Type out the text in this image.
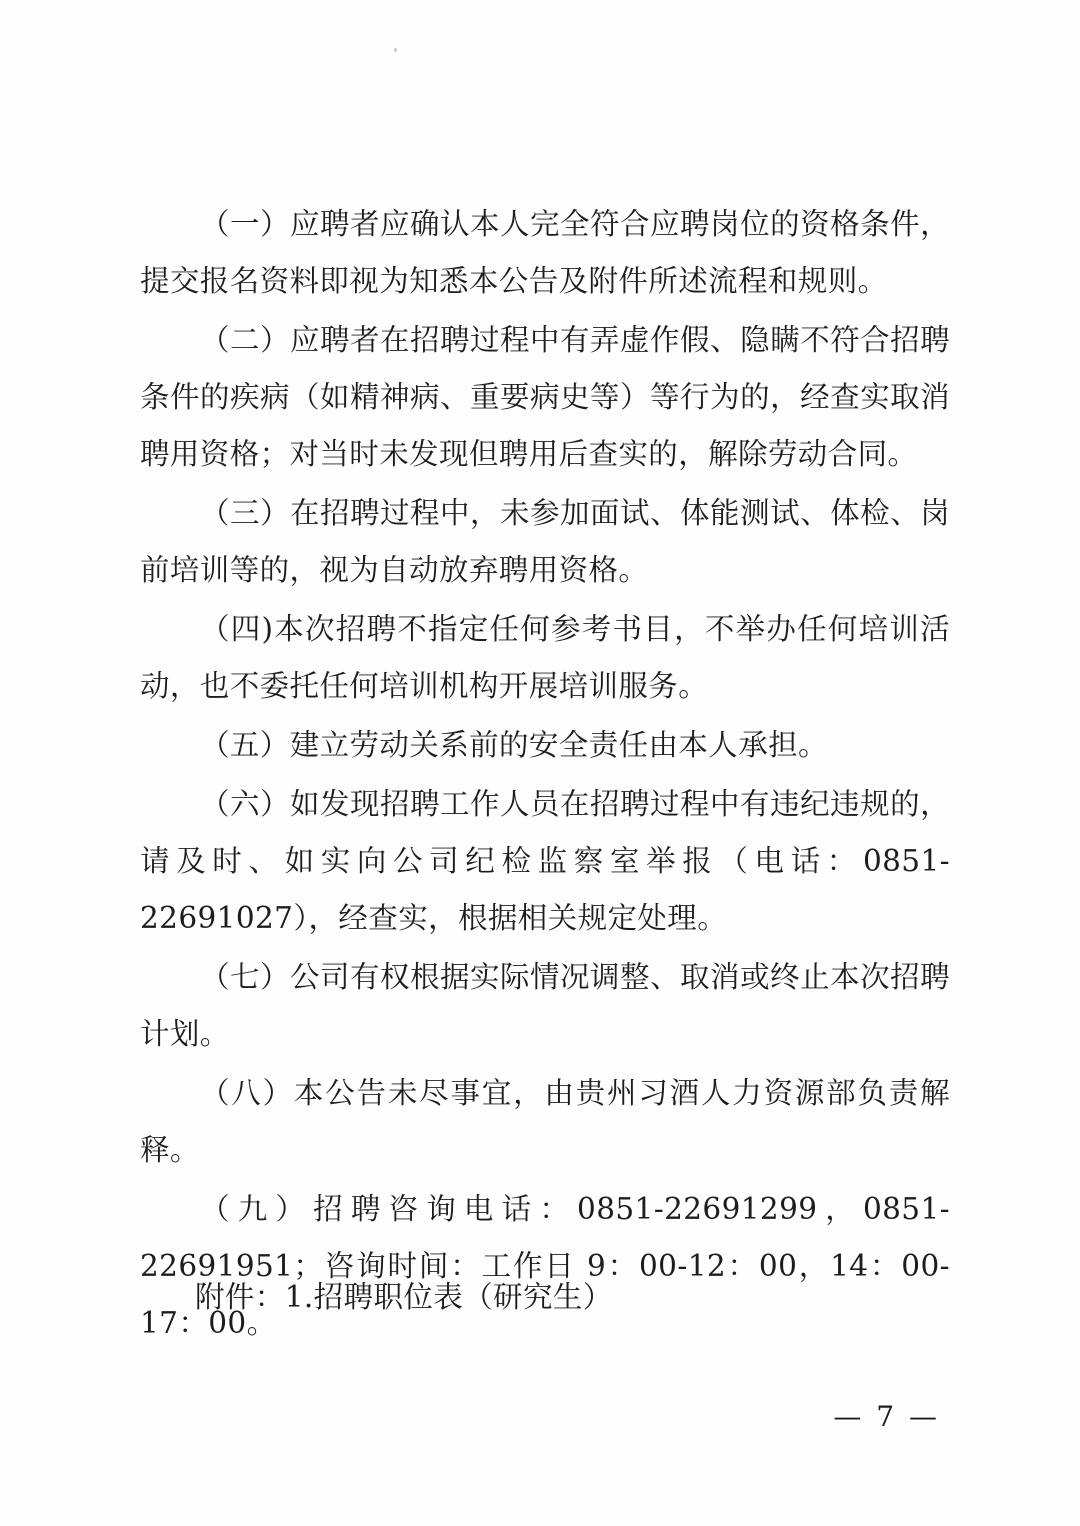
（一）应聘者应确认本人完全符合应聘岗位的资格条件，提交报名资料即视为知悉本公告及附件所述流程和规则。

（二）应聘者在招聘过程中有弄虚作假、隐瞒不符合招聘条件的疾病（如精神病、重要病史等）等行为的，经查实取消聘用资格；对当时未发现但聘用后查实的，解除劳动合同。

（三）在招聘过程中，未参加面试、体能测试、体检、岗前培训等的，视为自动放弃聘用资格。

（四)本次招聘不指定任何参考书目，不举办任何培训活动，也不委托任何培训机构开展培训服务。

（五）建立劳动关系前的安全责任由本人承担。

（六）如发现招聘工作人员在招聘过程中有违纪违规的，请及时、如实向公司纪检监察室举报（电话：0851-22691027），经查实，根据相关规定处理。

（七）公司有权根据实际情况调整、取消或终止本次招聘计划。

（八）本公告未尽事宜，由贵州习酒人力资源部负责解释。

（九）招聘咨询电话：0851-22691299，0851-22691951；咨询时间：工作日 9：00-12：00，14：00-17：00。

附件：1.招聘职位表（研究生）
— 7 —
